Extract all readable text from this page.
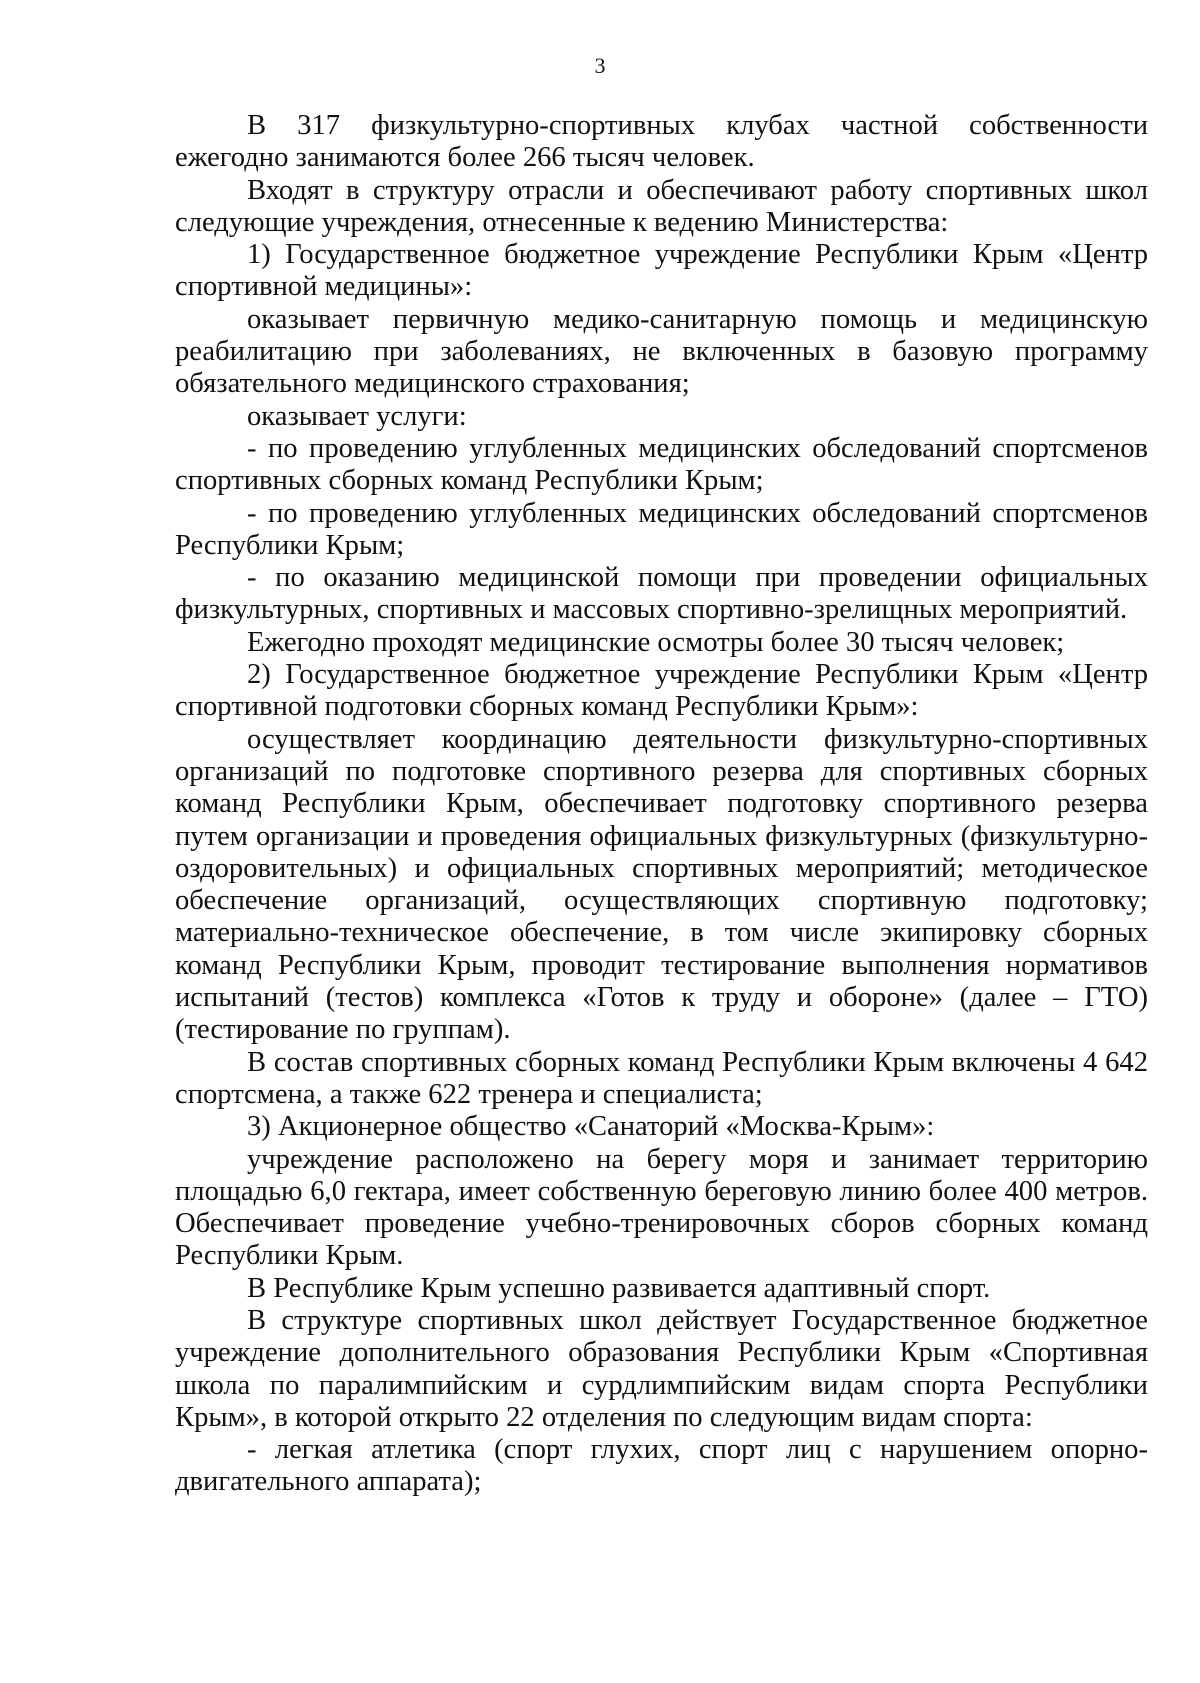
3

В 317 физкультурно-спортивных клубах частной собственности ежегодно занимаются более 266 тысяч человек.

Входят в структуру отрасли и обеспечивают работу спортивных школ следующие учреждения, отнесенные к ведению Министерства:

1) Государственное бюджетное учреждение Республики Крым «Центр спортивной медицины»:

оказывает первичную медико-санитарную помощь и медицинскую реабилитацию при заболеваниях, не включенных в базовую программу обязательного медицинского страхования;

оказывает услуги:

- по проведению углубленных медицинских обследований спортсменов спортивных сборных команд Республики Крым;

- по проведению углубленных медицинских обследований спортсменов Республики Крым;

- по оказанию медицинской помощи при проведении официальных физкультурных, спортивных и массовых спортивно-зрелищных мероприятий.

Ежегодно проходят медицинские осмотры более 30 тысяч человек;

2) Государственное бюджетное учреждение Республики Крым «Центр спортивной подготовки сборных команд Республики Крым»:

осуществляет координацию деятельности физкультурно-спортивных организаций по подготовке спортивного резерва для спортивных сборных команд Республики Крым, обеспечивает подготовку спортивного резерва путем организации и проведения официальных физкультурных (физкультурно-оздоровительных) и официальных спортивных мероприятий; методическое обеспечение организаций, осуществляющих спортивную подготовку; материально-техническое обеспечение, в том числе экипировку сборных команд Республики Крым, проводит тестирование выполнения нормативов испытаний (тестов) комплекса «Готов к труду и обороне» (далее – ГТО) (тестирование по группам).

В состав спортивных сборных команд Республики Крым включены 4 642 спортсмена, а также 622 тренера и специалиста;

3) Акционерное общество «Санаторий «Москва-Крым»:

учреждение расположено на берегу моря и занимает территорию площадью 6,0 гектара, имеет собственную береговую линию более 400 метров. Обеспечивает проведение учебно-тренировочных сборов сборных команд Республики Крым.

В Республике Крым успешно развивается адаптивный спорт.

В структуре спортивных школ действует Государственное бюджетное учреждение дополнительного образования Республики Крым «Спортивная школа по паралимпийским и сурдлимпийским видам спорта Республики Крым», в которой открыто 22 отделения по следующим видам спорта:

- легкая атлетика (спорт глухих, спорт лиц с нарушением опорно-двигательного аппарата);
